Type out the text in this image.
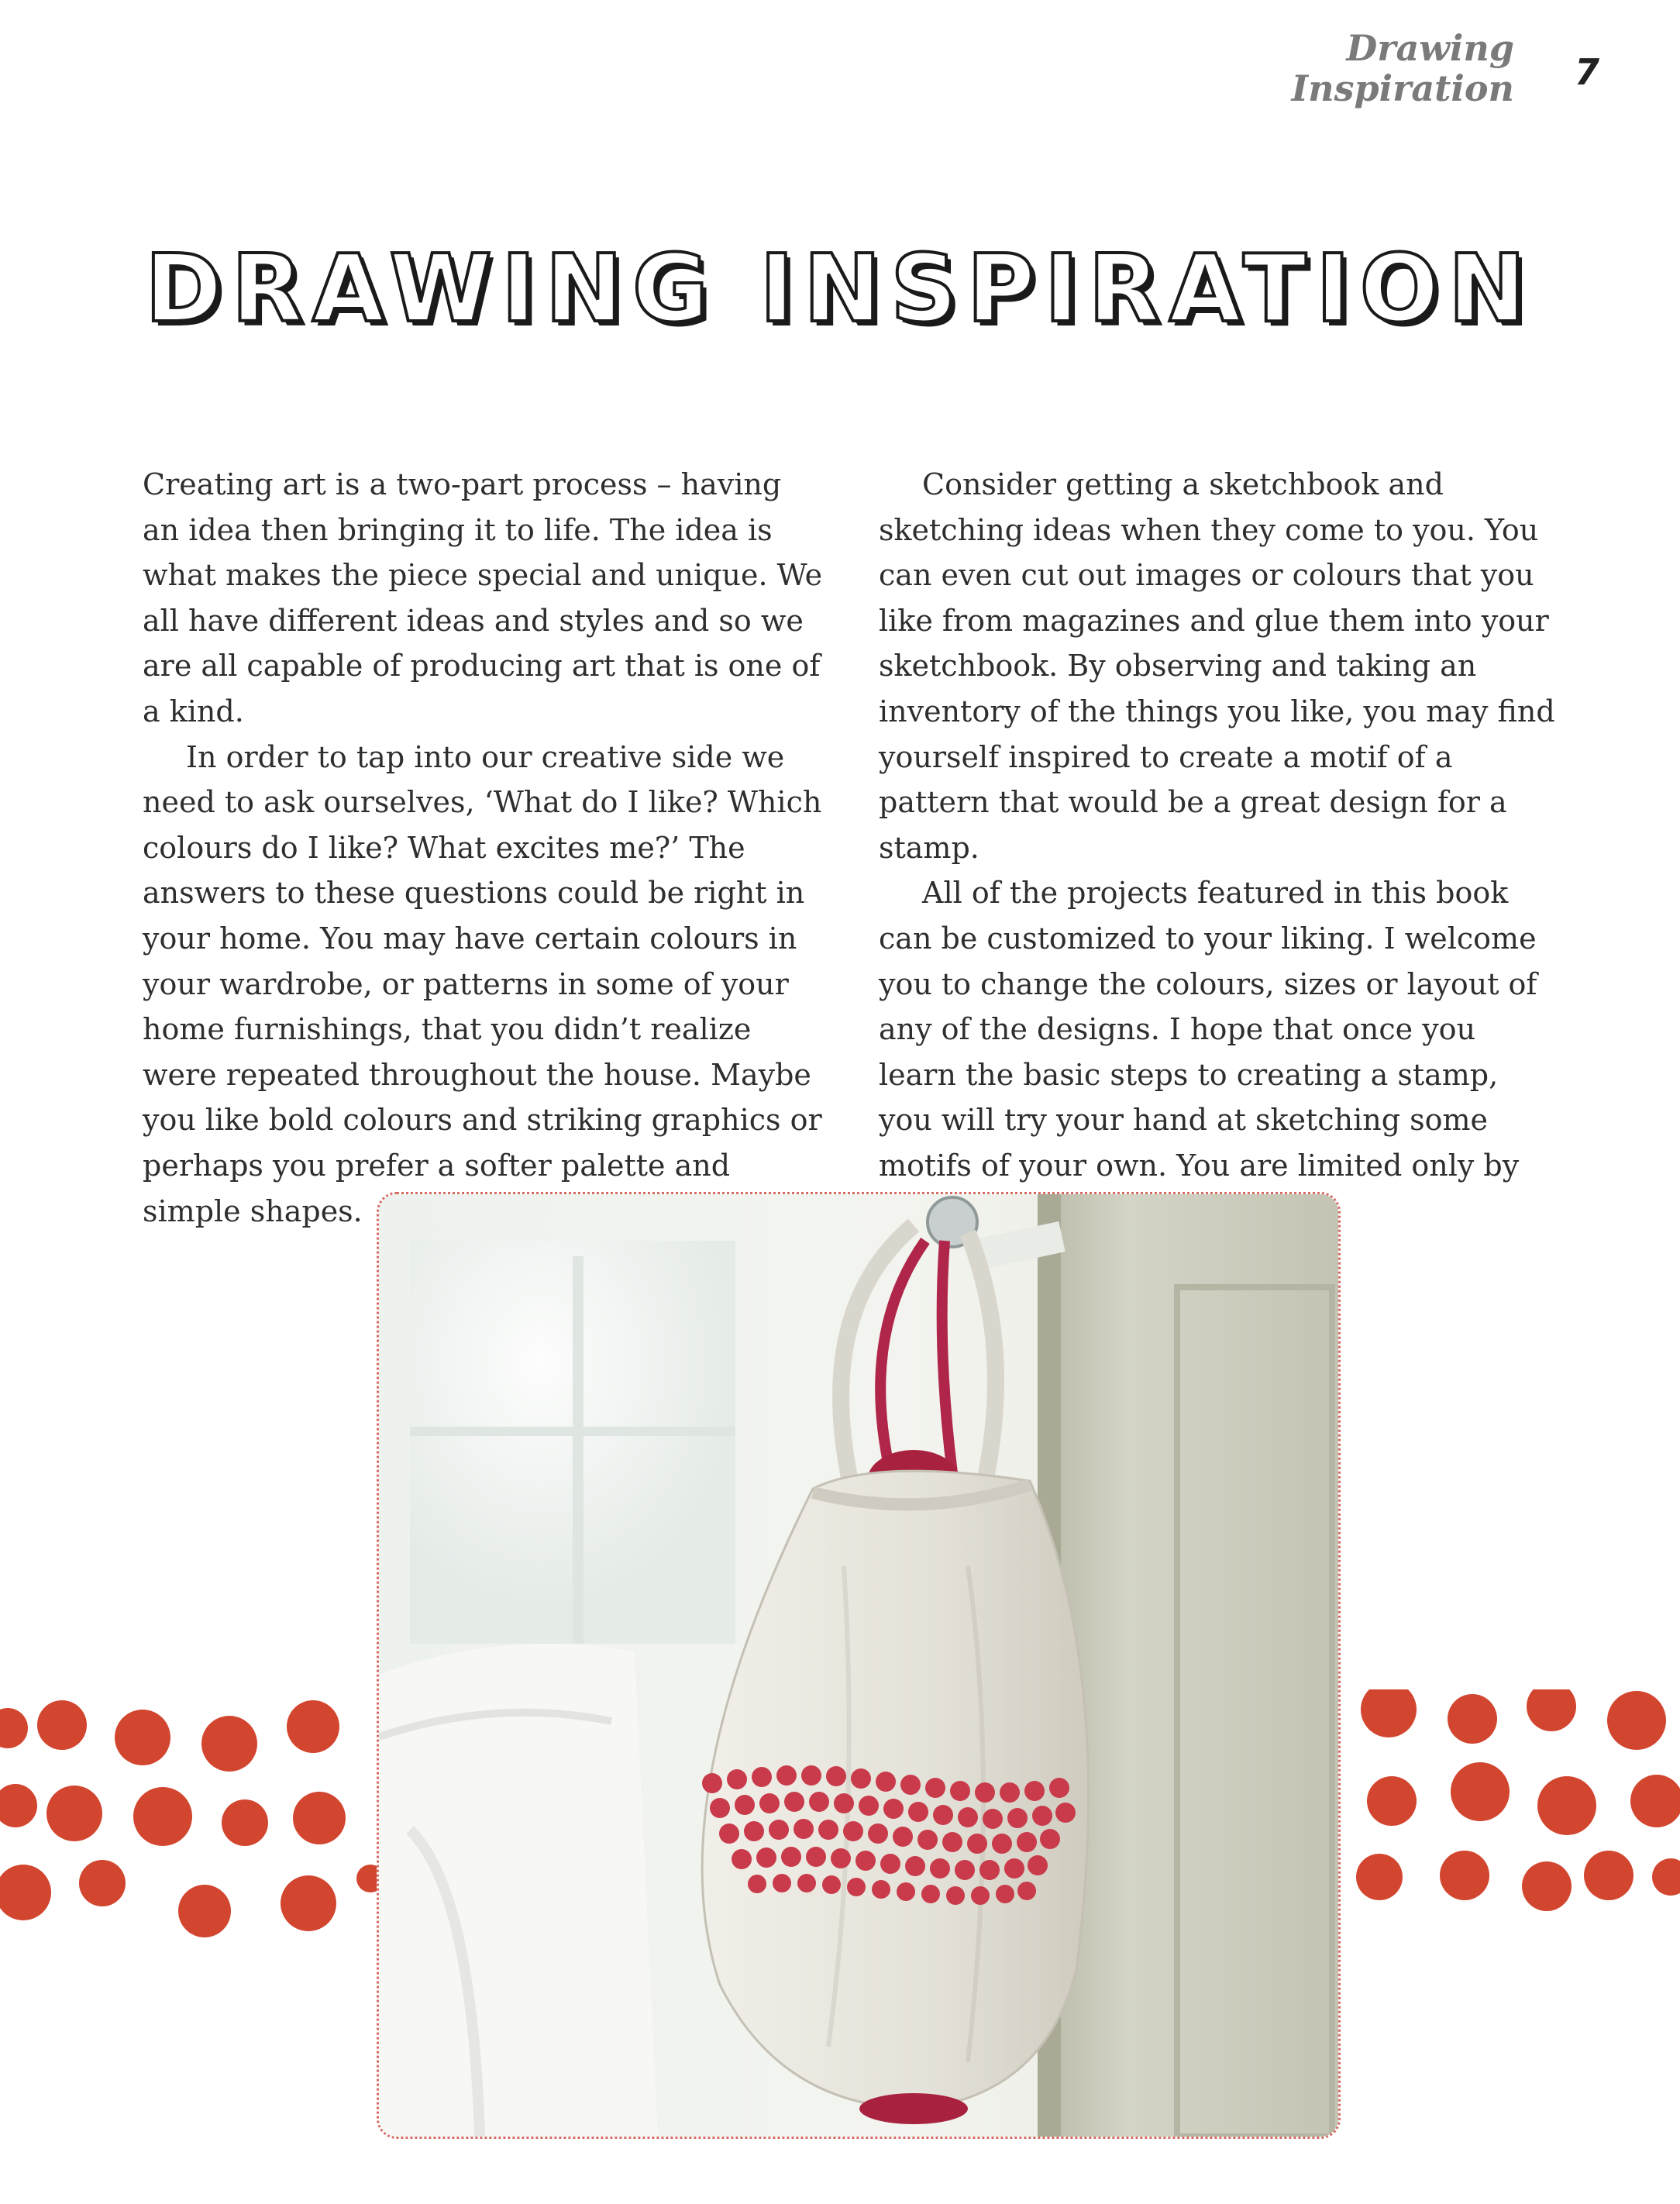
Drawing
Inspiration 7
DRAWING INSPIRATION

Creating art is a two-part process – having an idea then bringing it to life. The idea is what makes the piece special and unique. We all have different ideas and styles and so we are all capable of producing art that is one of a kind.

In order to tap into our creative side we need to ask ourselves, ‘What do I like? Which colours do I like? What excites me?’ The answers to these questions could be right in your home. You may have certain colours in your wardrobe, or patterns in some of your home furnishings, that you didn’t realize were repeated throughout the house. Maybe you like bold colours and striking graphics or perhaps you prefer a softer palette and simple shapes.

Consider getting a sketchbook and sketching ideas when they come to you. You can even cut out images or colours that you like from magazines and glue them into your sketchbook. By observing and taking an inventory of the things you like, you may find yourself inspired to create a motif of a pattern that would be a great design for a stamp.

All of the projects featured in this book can be customized to your liking. I welcome you to change the colours, sizes or layout of any of the designs. I hope that once you learn the basic steps to creating a stamp, you will try your hand at sketching some motifs of your own. You are limited only by
